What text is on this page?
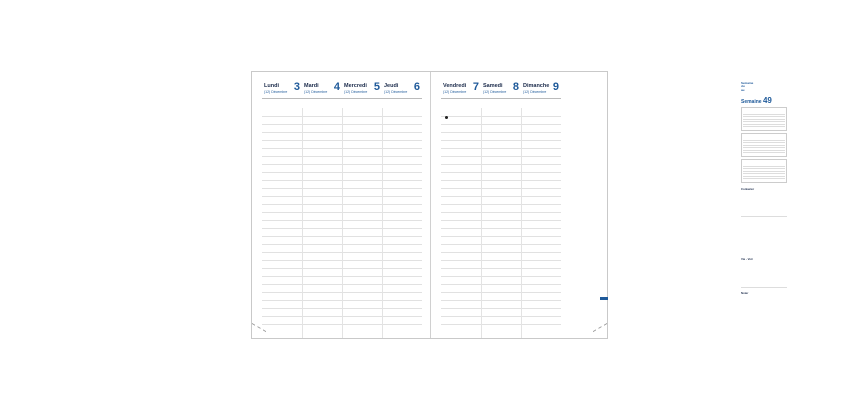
Lundi 3
(12) Décembre
Mardi 4
(12) Décembre
Mercredi 5
(12) Décembre
Jeudi 6
(12) Décembre
Semaine
du
au
Semaine 49
Contacter
Vie - Voir
Noter
Vendredi 7
(12) Décembre
Samedi 8
(12) Décembre
Dimanche 9
(12) Décembre
